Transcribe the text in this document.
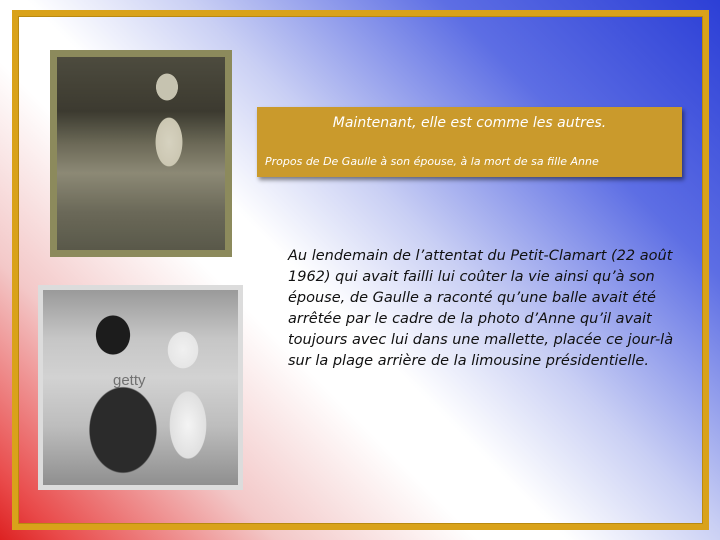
getty
Maintenant, elle est comme les autres.
Propos de De Gaulle à son épouse, à la mort de sa fille Anne
Au lendemain de l’attentat du Petit-Clamart (22 août 1962) qui avait failli lui coûter la vie ainsi qu’à son épouse, de Gaulle a raconté qu’une balle avait été arrêtée par le cadre de la photo d’Anne qu’il avait toujours avec lui dans une mallette, placée ce jour-là sur la plage arrière de la limousine présidentielle.
